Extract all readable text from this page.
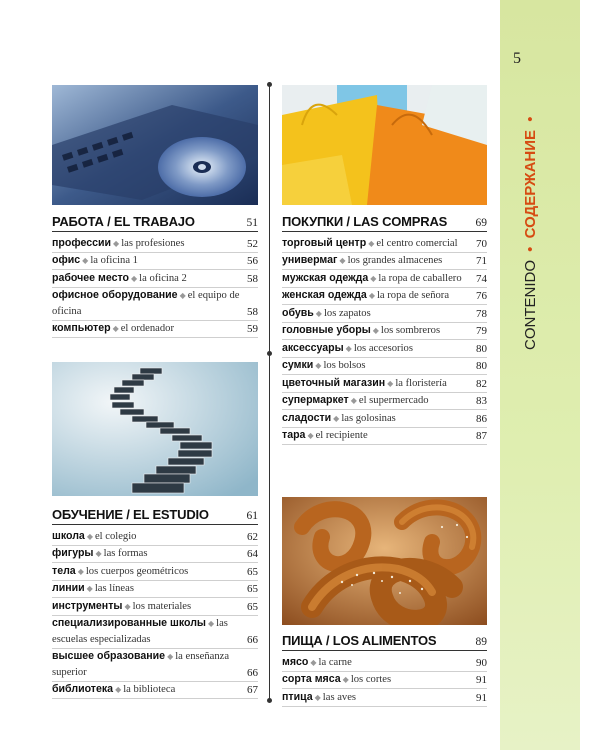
5
CONTENIDO • СОДЕРЖАНИЕ •
РАБОТА / EL TRABAJO	51
профессии ◆ las profesiones	52
офис ◆ la oficina 1	56
рабочее место ◆ la oficina 2	58
офисное оборудование ◆ el equipo de oficina	58
компьютер ◆ el ordenador	59
ПОКУПКИ / LAS COMPRAS 69
торговый центр ◆ el centro comercial	70
универмаг ◆ los grandes almacenes	71
мужская одежда ◆ la ropa de caballero	74
женская одежда ◆ la ropa de señora	76
обувь ◆ los zapatos	78
головные уборы ◆ los sombreros	79
аксессуары ◆ los accesorios	80
сумки ◆ los bolsos	80
цветочный магазин ◆ la floristería	82
супермаркет ◆ el supermercado	83
сладости ◆ las golosinas	86
тара ◆ el recipiente	87
ОБУЧЕНИЕ / EL ESTUDIO	61
школа ◆ el colegio	62
фигуры ◆ las formas	64
тела ◆ los cuerpos geométricos	65
линии ◆ las líneas	65
инструменты ◆ los materiales	65
специализированные школы ◆ las escuelas especializadas	66
высшее образование ◆ la enseñanza superior	66
библиотека ◆ la biblioteca	67
ПИЩА / LOS ALIMENTOS	89
мясо ◆ la carne	90
сорта мяса ◆ los cortes	91
птица ◆ las aves	91
